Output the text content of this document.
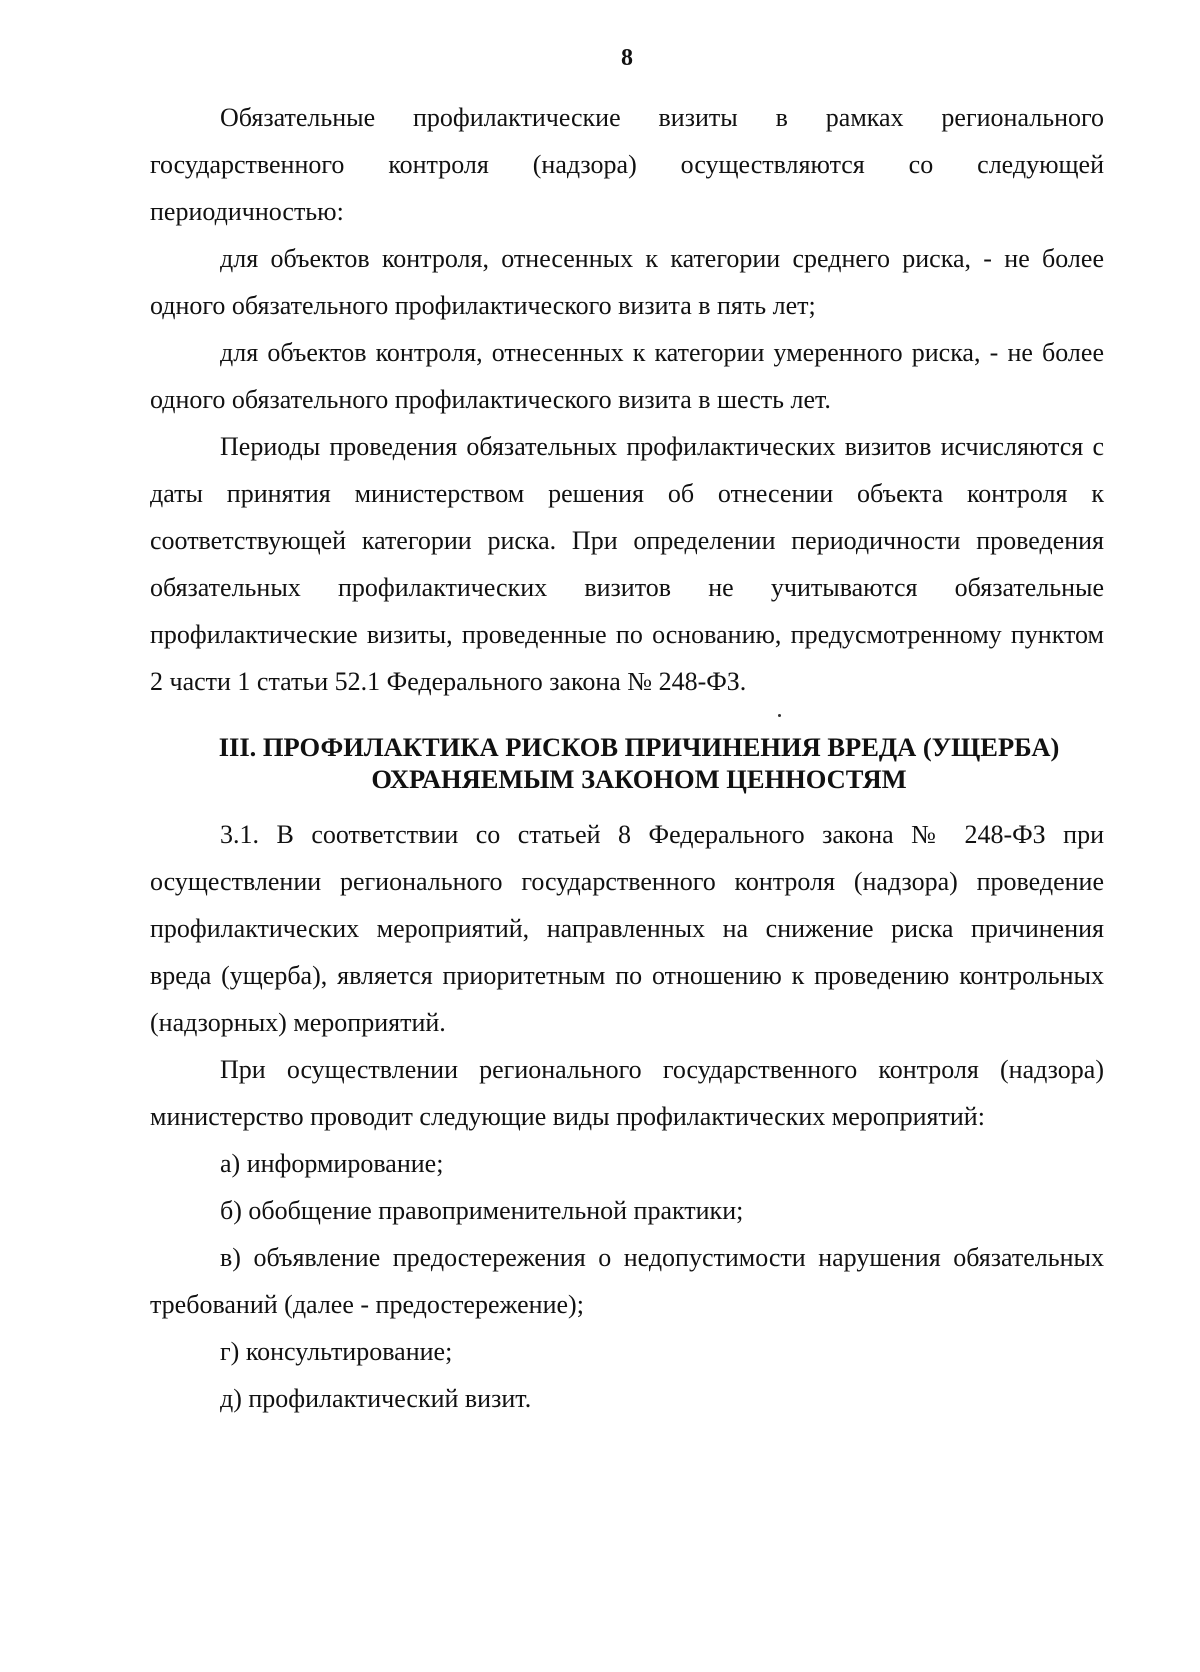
8

Обязательные профилактические визиты в рамках регионального государственного контроля (надзора) осуществляются со следующей периодичностью:

для объектов контроля, отнесенных к категории среднего риска, - не более одного обязательного профилактического визита в пять лет;

для объектов контроля, отнесенных к категории умеренного риска, - не более одного обязательного профилактического визита в шесть лет.

Периоды проведения обязательных профилактических визитов исчисляются с даты принятия министерством решения об отнесении объекта контроля к соответствующей категории риска. При определении периодичности проведения обязательных профилактических визитов не учитываются обязательные профилактические визиты, проведенные по основанию, предусмотренному пунктом 2 части 1 статьи 52.1 Федерального закона № 248-ФЗ.

III. ПРОФИЛАКТИКА РИСКОВ ПРИЧИНЕНИЯ ВРЕДА (УЩЕРБА)
ОХРАНЯЕМЫМ ЗАКОНОМ ЦЕННОСТЯМ

3.1. В соответствии со статьей 8 Федерального закона № 248-ФЗ при осуществлении регионального государственного контроля (надзора) проведение профилактических мероприятий, направленных на снижение риска причинения вреда (ущерба), является приоритетным по отношению к проведению контрольных (надзорных) мероприятий.

При осуществлении регионального государственного контроля (надзора) министерство проводит следующие виды профилактических мероприятий:

а) информирование;

б) обобщение правоприменительной практики;

в) объявление предостережения о недопустимости нарушения обязательных требований (далее - предостережение);

г) консультирование;

д) профилактический визит.
